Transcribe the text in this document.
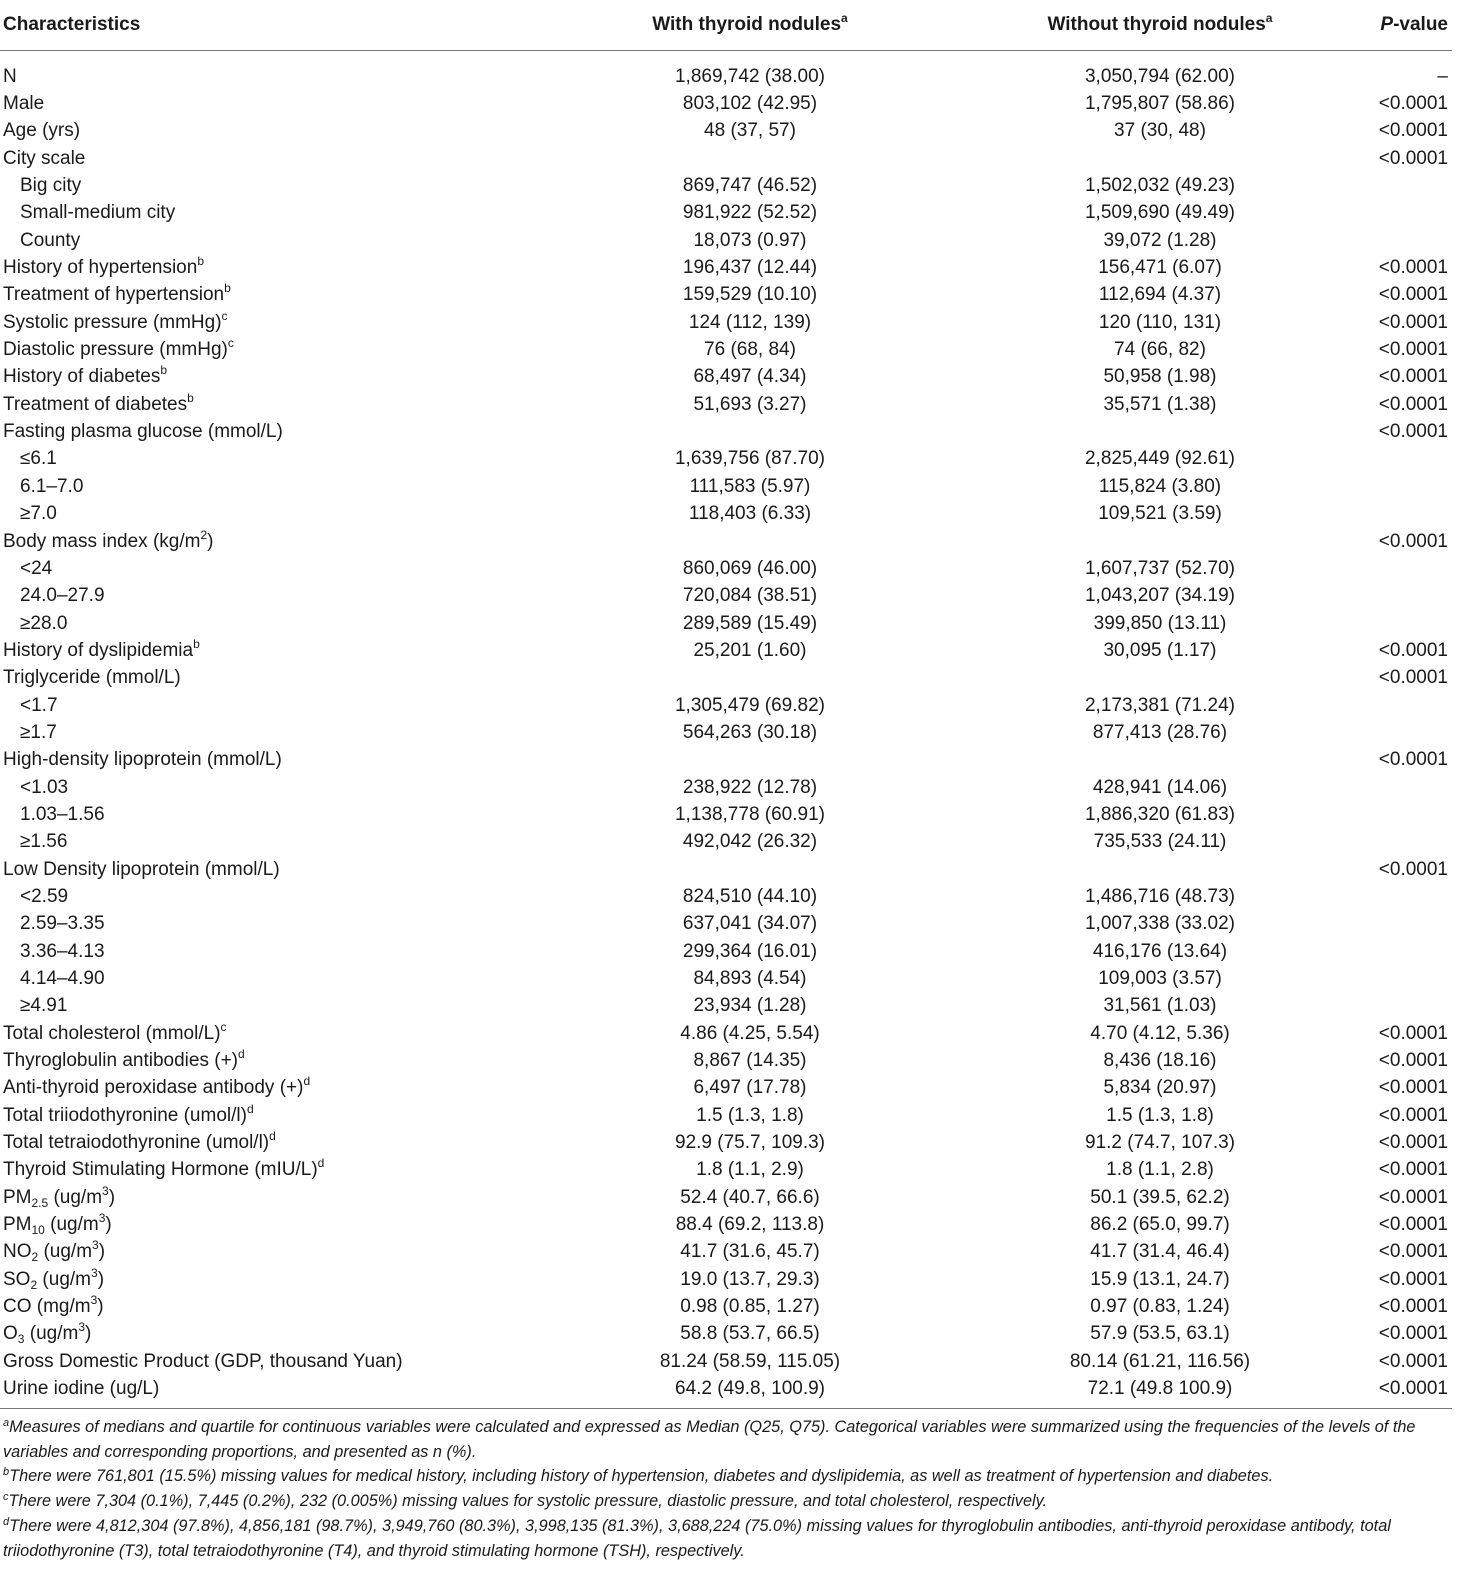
Characteristics	With thyroid nodules$^a$	Without thyroid nodules$^a$	P-value
N	1,869,742 (38.00)	3,050,794 (62.00)	–
Male	803,102 (42.95)	1,795,807 (58.86)	<0.0001
Age (yrs)	48 (37, 57)	37 (30, 48)	<0.0001
City scale			<0.0001
Big city	869,747 (46.52)	1,502,032 (49.23)	
Small-medium city	981,922 (52.52)	1,509,690 (49.49)	
County	18,073 (0.97)	39,072 (1.28)	
History of hypertension$^b$	196,437 (12.44)	156,471 (6.07)	<0.0001
Treatment of hypertension$^b$	159,529 (10.10)	112,694 (4.37)	<0.0001
Systolic pressure (mmHg)$^c$	124 (112, 139)	120 (110, 131)	<0.0001
Diastolic pressure (mmHg)$^c$	76 (68, 84)	74 (66, 82)	<0.0001
History of diabetes$^b$	68,497 (4.34)	50,958 (1.98)	<0.0001
Treatment of diabetes$^b$	51,693 (3.27)	35,571 (1.38)	<0.0001
Fasting plasma glucose (mmol/L)			<0.0001
≤6.1	1,639,756 (87.70)	2,825,449 (92.61)	
6.1–7.0	111,583 (5.97)	115,824 (3.80)	
≥7.0	118,403 (6.33)	109,521 (3.59)	
Body mass index $(kg/m^2)$			<0.0001
<24	860,069 (46.00)	1,607,737 (52.70)	
24.0–27.9	720,084 (38.51)	1,043,207 (34.19)	
≥28.0	289,589 (15.49)	399,850 (13.11)	
History of dyslipidemia$^b$	25,201 (1.60)	30,095 (1.17)	<0.0001
Triglyceride (mmol/L)			<0.0001
<1.7	1,305,479 (69.82)	2,173,381 (71.24)	
≥1.7	564,263 (30.18)	877,413 (28.76)	
High-density lipoprotein (mmol/L)			<0.0001
<1.03	238,922 (12.78)	428,941 (14.06)	
1.03–1.56	1,138,778 (60.91)	1,886,320 (61.83)	
≥1.56	492,042 (26.32)	735,533 (24.11)	
Low Density lipoprotein (mmol/L)			<0.0001
<2.59	824,510 (44.10)	1,486,716 (48.73)	
2.59–3.35	637,041 (34.07)	1,007,338 (33.02)	
3.36–4.13	299,364 (16.01)	416,176 (13.64)	
4.14–4.90	84,893 (4.54)	109,003 (3.57)	
≥4.91	23,934 (1.28)	31,561 (1.03)	
Total cholesterol (mmol/L)$^c$	4.86 (4.25, 5.54)	4.70 (4.12, 5.36)	<0.0001
Thyroglobulin antibodies $(+)^d$	8,867 (14.35)	8,436 (18.16)	<0.0001
Anti-thyroid peroxidase antibody $(+)^d$	6,497 (17.78)	5,834 (20.97)	<0.0001
Total triiodothyronine (umol/l)$^d$	1.5 (1.3, 1.8)	1.5 (1.3, 1.8)	<0.0001
Total tetraiodothyronine (umol/l)$^d$	92.9 (75.7, 109.3)	91.2 (74.7, 107.3)	<0.0001
Thyroid Stimulating Hormone $(mIU/L)^d$	1.8 (1.1, 2.9)	1.8 (1.1, 2.8)	<0.0001
$PM_{2.5}$ $(ug/m^3)$	52.4 (40.7, 66.6)	50.1 (39.5, 62.2)	<0.0001
$PM_{10}$ $(ug/m^3)$	88.4 (69.2, 113.8)	86.2 (65.0, 99.7)	<0.0001
$NO_2$ $(ug/m^3)$	41.7 (31.6, 45.7)	41.7 (31.4, 46.4)	<0.0001
$SO_2$ $(ug/m^3)$	19.0 (13.7, 29.3)	15.9 (13.1, 24.7)	<0.0001
CO $(mg/m^3)$	0.98 (0.85, 1.27)	0.97 (0.83, 1.24)	<0.0001
$O_3$ $(ug/m^3)$	58.8 (53.7, 66.5)	57.9 (53.5, 63.1)	<0.0001
Gross Domestic Product (GDP, thousand Yuan)	81.24 (58.59, 115.05)	80.14 (61.21, 116.56)	<0.0001
Urine iodine (ug/L)	64.2 (49.8, 100.9)	72.1 (49.8 100.9)	<0.0001

$^a$Measures of medians and quartile for continuous variables were calculated and expressed as Median (Q25, Q75). Categorical variables were summarized using the frequencies of the levels of the variables and corresponding proportions, and presented as n (%).

$^b$There were 761,801 (15.5%) missing values for medical history, including history of hypertension, diabetes and dyslipidemia, as well as treatment of hypertension and diabetes.

$^c$There were 7,304 (0.1%), 7,445 (0.2%), 232 (0.005%) missing values for systolic pressure, diastolic pressure, and total cholesterol, respectively.

$^d$There were 4,812,304 (97.8%), 4,856,181 (98.7%), 3,949,760 (80.3%), 3,998,135 (81.3%), 3,688,224 (75.0%) missing values for thyroglobulin antibodies, anti-thyroid peroxidase antibody, total triiodothyronine (T3), total tetraiodothyronine (T4), and thyroid stimulating hormone (TSH), respectively.
